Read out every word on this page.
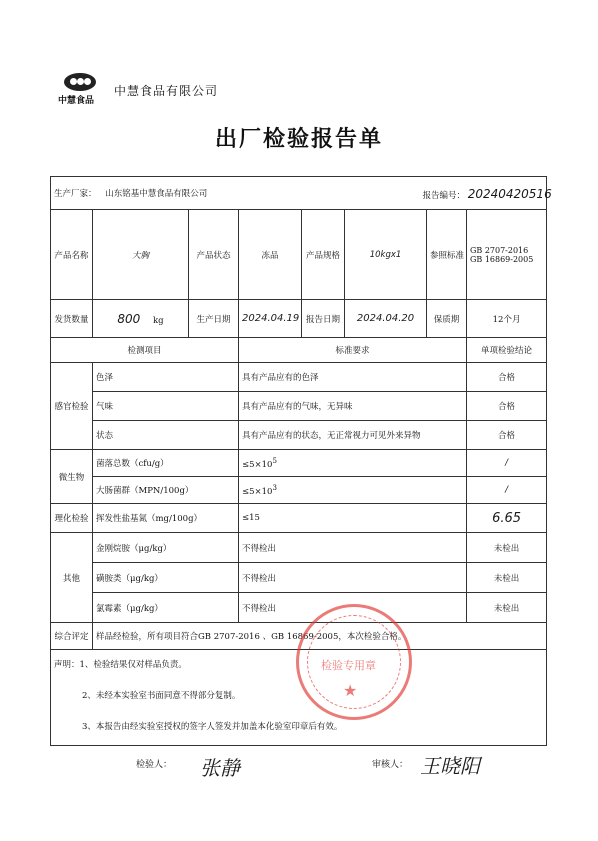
中慧食品
中慧食品有限公司
出厂检验报告单
生产厂家： 山东铭基中慧食品有限公司 报告编号： 20240420516							

产品名称	大胸	产品状态	冻品	产品规格	10kgx1	参照标准	GB 2707-2016
GB 16869-2005

发货数量	800 kg	生产日期	2024.04.19	报告日期	2024.04.20	保质期	12个月
检测项目			标准要求				单项检验结论
感官检验	色泽		具有产品应有的色泽				合格
	气味		具有产品应有的气味，无异味				合格
	状态		具有产品应有的状态，无正常视力可见外来异物				合格
微生物	菌落总数（cfu/g）		$\le 5\times 10^5$				/
	大肠菌群（MPN/100g）		$\le 5\times 10^3$				/
理化检验	挥发性盐基氮（mg/100g）		≤15				6.65
其他	金刚烷胺（μg/kg）		不得检出				未检出
	磺胺类（μg/kg）		不得检出				未检出
	氯霉素（μg/kg）		不得检出				未检出
综合评定	样品经检验，所有项目符合GB 2707-2016 、GB 16869-2005，本次检验合格。						

声明：1、检验结果仅对样品负责。
2、未经本实验室书面同意不得部分复制。
3、本报告由经实验室授权的签字人签发并加盖本化验室印章后有效。							
检验专用章
★
检验人： 张静	审核人： 王晓阳
